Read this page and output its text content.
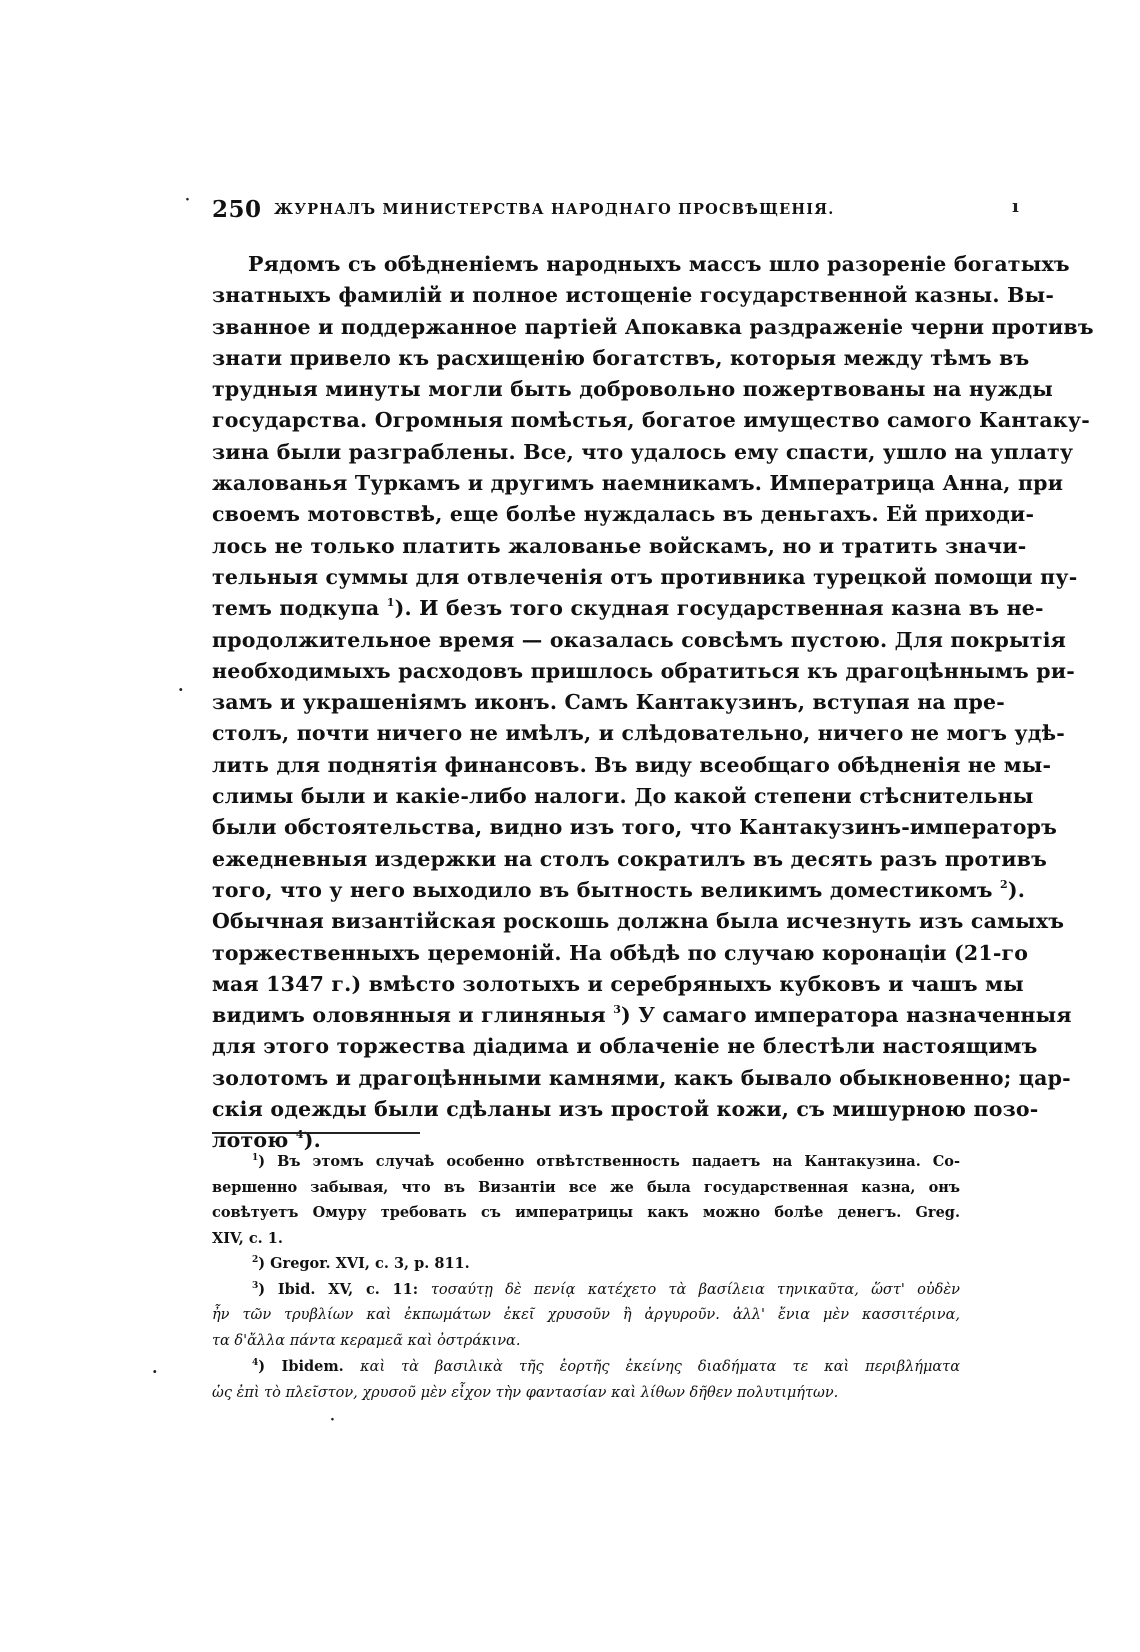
·	ı
·
·
·
250 ЖУРНАЛЪ МИНИСТЕРСТВА НАРОДНАГО ПРОСВѢЩЕНІЯ.
Рядомъ съ обѣдненіемъ народныхъ массъ шло разореніе богатыхъ
знатныхъ фамилій и полное истощеніе государственной казны. Вы-
званное и поддержанное партіей Апокавка раздраженіе черни противъ
знати привело къ расхищенію богатствъ, которыя между тѣмъ въ
трудныя минуты могли быть добровольно пожертвованы на нужды
государства. Огромныя помѣстья, богатое имущество самого Кантаку-
зина были разграблены. Все, что удалось ему спасти, ушло на уплату
жалованья Туркамъ и другимъ наемникамъ. Императрица Анна, при
своемъ мотовствѣ, еще болѣе нуждалась въ деньгахъ. Ей приходи-
лось не только платить жалованье войскамъ, но и тратить значи-
тельныя суммы для отвлеченія отъ противника турецкой помощи пу-
темъ подкупа $^1$). И безъ того скудная государственная казна въ не-
продолжительное время — оказалась совсѣмъ пустою. Для покрытія
необходимыхъ расходовъ пришлось обратиться къ драгоцѣннымъ ри-
замъ и украшеніямъ иконъ. Самъ Кантакузинъ, вступая на пре-
столъ, почти ничего не имѣлъ, и слѣдовательно, ничего не могъ удѣ-
лить для поднятія финансовъ. Въ виду всеобщаго обѣдненія не мы-
слимы были и какіе-либо налоги. До какой степени стѣснительны
были обстоятельства, видно изъ того, что Кантакузинъ-императоръ
ежедневныя издержки на столъ сократилъ въ десять разъ противъ
того, что у него выходило въ бытность великимъ доместикомъ $^2$).
Обычная византійская роскошь должна была исчезнуть изъ самыхъ
торжественныхъ церемоній. На обѣдѣ по случаю коронаціи (21-го
мая 1347 г.) вмѣсто золотыхъ и серебряныхъ кубковъ и чашъ мы
видимъ оловянныя и глиняныя $^3$) У самаго императора назначенныя
для этого торжества діадима и облаченіе не блестѣли настоящимъ
золотомъ и драгоцѣнными камнями, какъ бывало обыкновенно; цар-
скія одежды были сдѣланы изъ простой кожи, съ мишурною позо-
лотою $^4$).
$^1$) Въ этомъ случаѣ особенно отвѣтственность падаетъ на Кантакузина. Со-
вершенно забывая, что въ Византіи все же была государственная казна, онъ
совѣтуетъ Омуру требовать съ императрицы какъ можно болѣе денегъ. Greg.
XIV, c. 1.
$^2$) Gregor. XVI, c. 3, p. 811.
$^3$) Ibid. XV, c. 11: τοσαύτῃ δὲ πενίᾳ κατέχετο τὰ βασίλεια τηνικαῦτα, ὥστ' οὐδὲν
ἦν τῶν τρυβλίων καὶ ἐκπωμάτων ἐκεῖ χρυσοῦν ἢ ἀργυροῦν. ἀλλ' ἔνια μὲν κασσιτέρινα,
τα δ'ἄλλα πάντα κεραμεᾶ καὶ ὀστράκινα.
$^4$) Ibidem. καὶ τὰ βασιλικὰ τῆς ἑορτῆς ἐκείνης διαδήματα τε καὶ περιβλήματα
ὡς ἐπὶ τὸ πλεῖστον, χρυσοῦ μὲν εἶχον τὴν φαντασίαν καὶ λίθων δῆθεν πολυτιμήτων.
